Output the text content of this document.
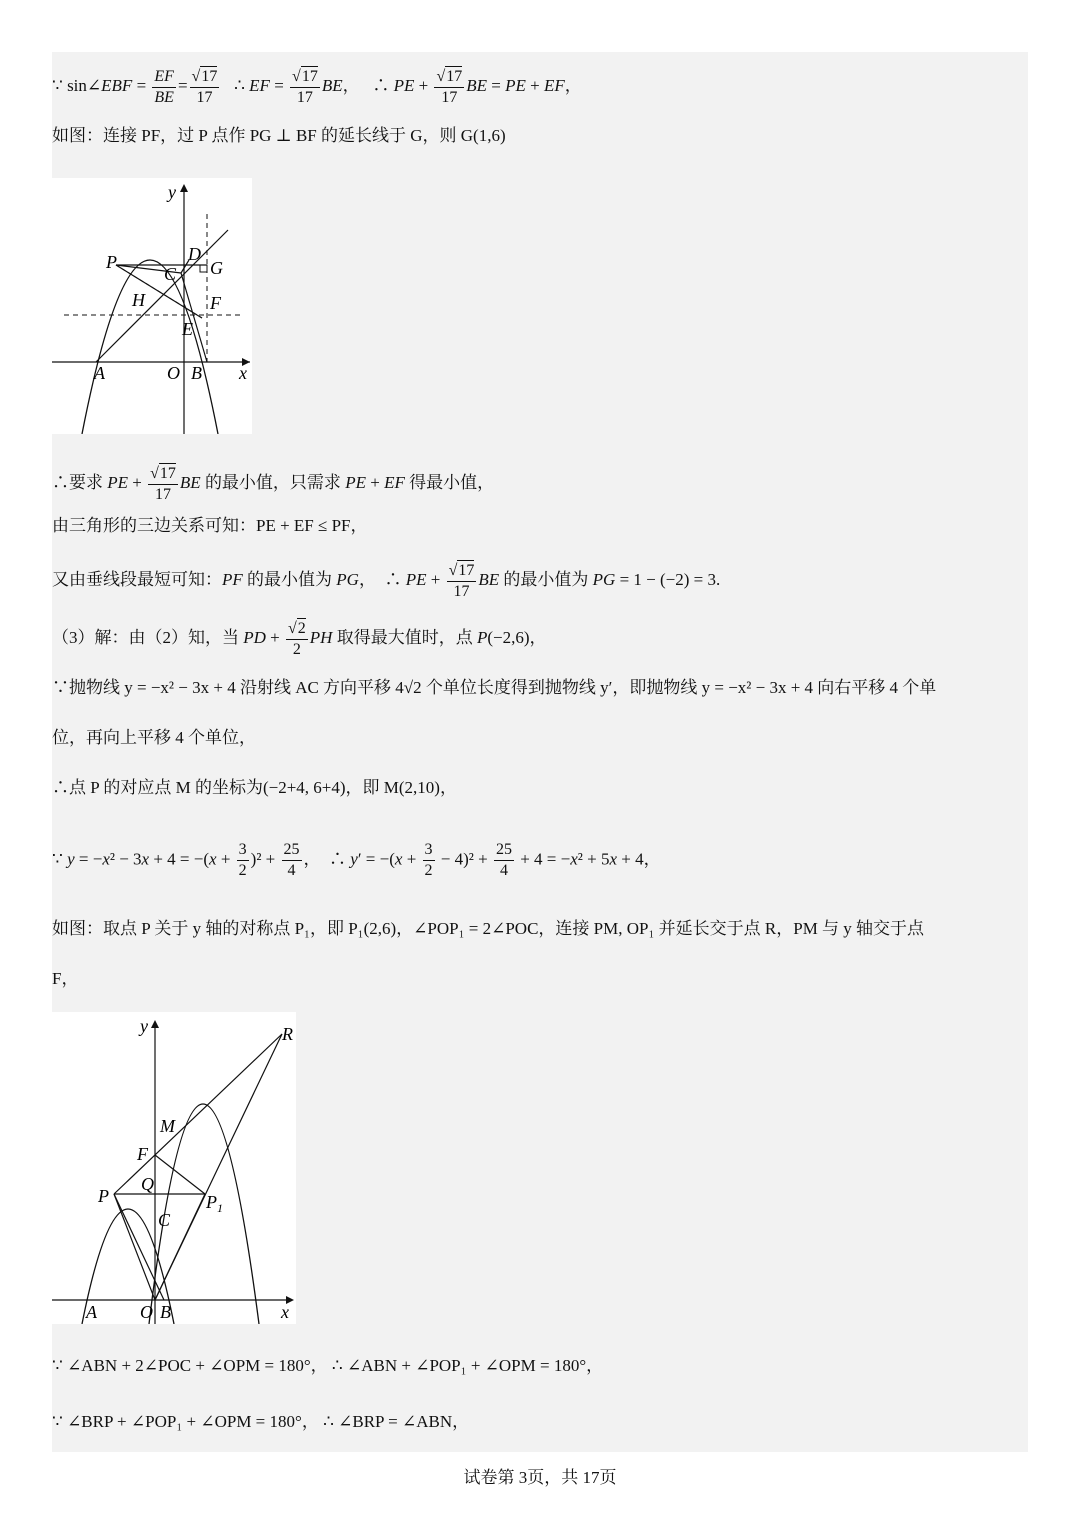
∵ sin∠EBF = $\frac{EF}{BE} = \frac{√17}{17}$ ∴ EF = $\frac{√17}{17}$ BE，   ∴ PE + $\frac{√17}{17}$ BE = PE + EF，
如图：连接 PF，过 P 点作 PG ⊥ BF 的延长线于 G，则 G(1,6)
y
x
P	D
C G
H	F
E
A	O B
∴要求 PE + $\frac{√17}{17}$ BE 的最小值，只需求 PE + EF 得最小值，
由三角形的三边关系可知：PE + EF ≤ PF，
又由垂线段最短可知：PF 的最小值为 PG，  ∴ PE + $\frac{√17}{17}$ BE 的最小值为 PG = 1 − (−2) = 3.
（3）解：由（2）知，当 PD + $\frac{√2}{2}$ PH 取得最大值时，点 P(−2,6)，
∵抛物线 y = −x² − 3x + 4 沿射线 AC 方向平移 4√2 个单位长度得到抛物线 y′，即抛物线 y = −x² − 3x + 4 向右平移 4 个单
位，再向上平移 4 个单位，
∴点 P 的对应点 M 的坐标为(−2+4, 6+4)，即 M(2,10)，
∵ $y = -x^2 - 3x + 4 = -(x + \frac{3}{2} )^2 + \frac{25}{4}$ ，  ∴ $y' = -(x + \frac{3}{2} - 4)^2 + \frac{25}{4} + 4 = -x^2 + 5x + 4$，
如图：取点 P 关于 y 轴的对称点 P₁，即 P₁(2,6)，∠POP₁ = 2∠POC，连接 PM, OP₁ 并延长交于点 R，PM 与 y 轴交于点
F，
y
x
R
M
F
P
Q
$P_1$
C
A O B
∵ ∠ABN + 2∠POC + ∠OPM = 180°， ∴ ∠ABN + ∠POP₁ + ∠OPM = 180°，
∵ ∠BRP + ∠POP₁ + ∠OPM = 180°， ∴ ∠BRP = ∠ABN，
试卷第 3页，共 17页
